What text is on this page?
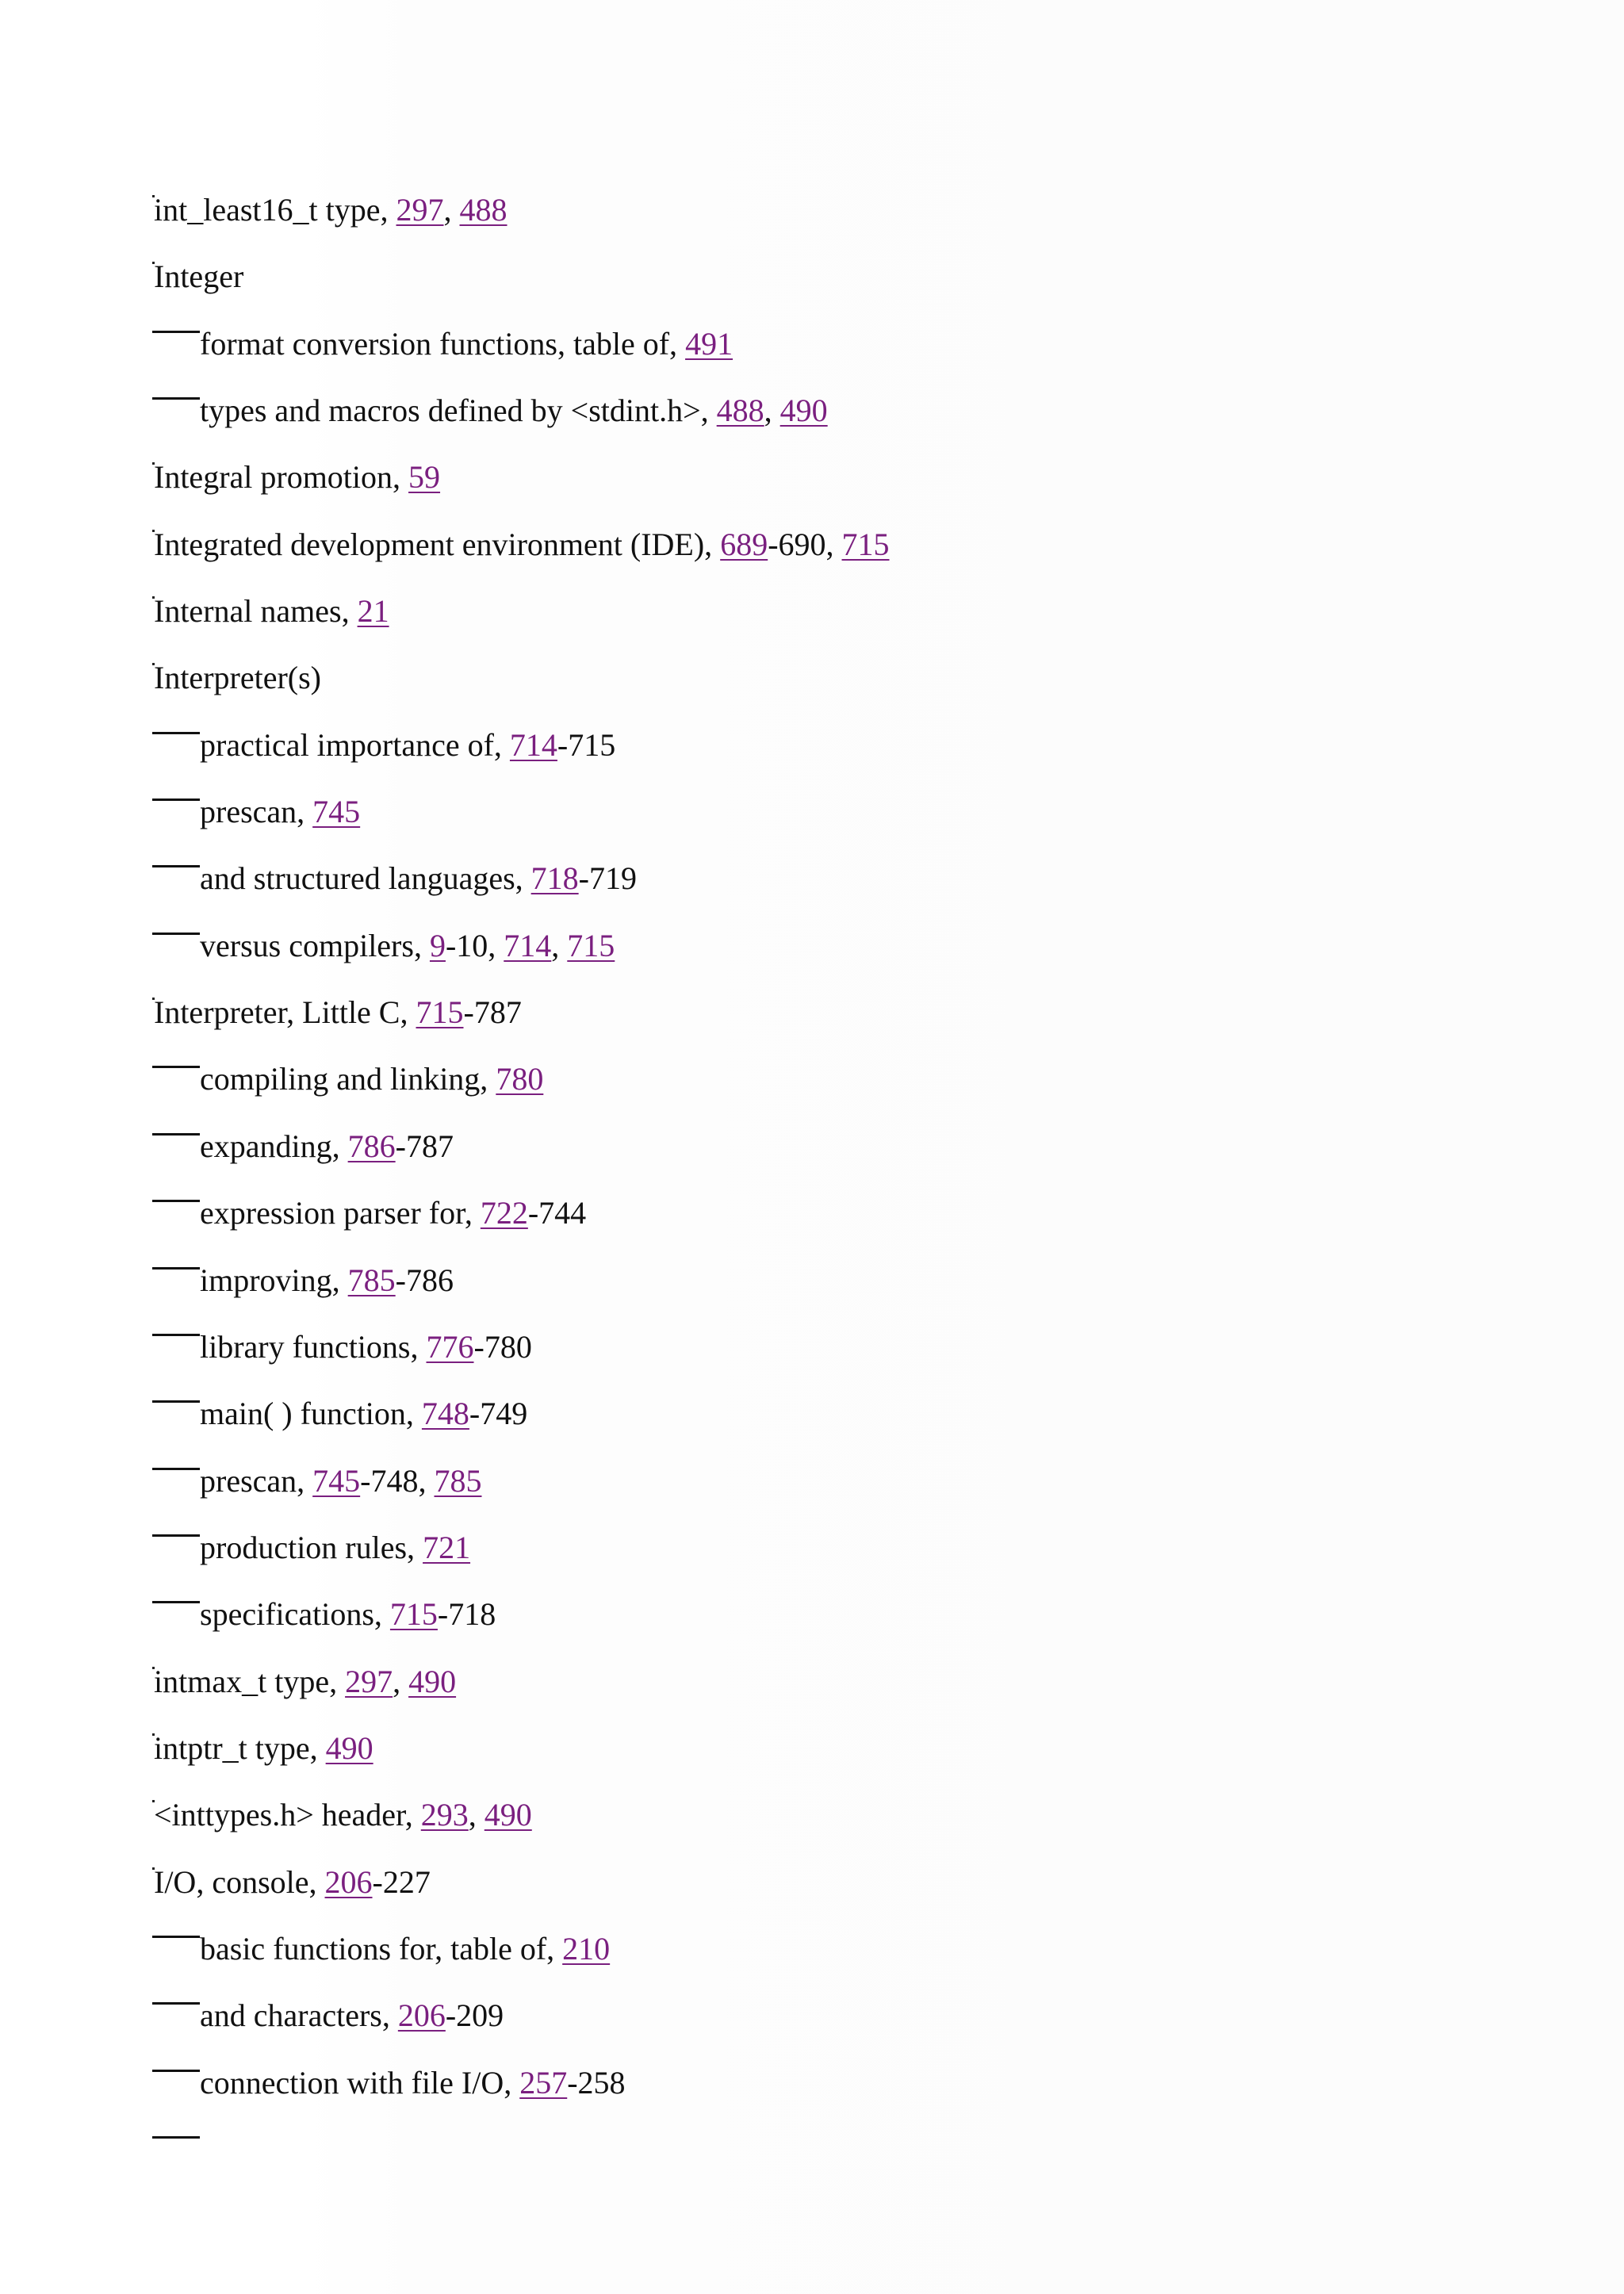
int_least16_t type, 297, 488
Integer
format conversion functions, table of, 491
types and macros defined by <stdint.h>, 488, 490
Integral promotion, 59
Integrated development environment (IDE), 689-690, 715
Internal names, 21
Interpreter(s)
practical importance of, 714-715
prescan, 745
and structured languages, 718-719
versus compilers, 9-10, 714, 715
Interpreter, Little C, 715-787
compiling and linking, 780
expanding, 786-787
expression parser for, 722-744
improving, 785-786
library functions, 776-780
main( ) function, 748-749
prescan, 745-748, 785
production rules, 721
specifications, 715-718
intmax_t type, 297, 490
intptr_t type, 490
<inttypes.h> header, 293, 490
I/O, console, 206-227
basic functions for, table of, 210
and characters, 206-209
connection with file I/O, 257-258
